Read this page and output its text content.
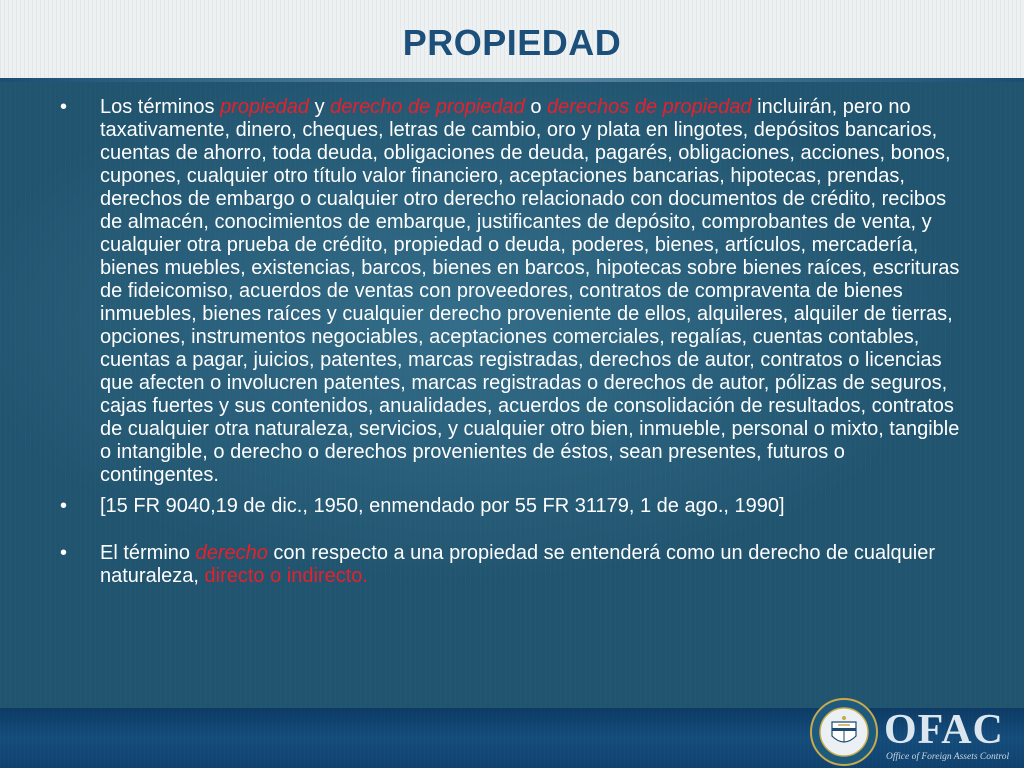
PROPIEDAD
•	Los términos propiedad y derecho de propiedad o derechos de propiedad incluirán, pero no taxativamente, dinero, cheques, letras de cambio, oro y plata en lingotes, depósitos bancarios, cuentas de ahorro, toda deuda, obligaciones de deuda, pagarés, obligaciones, acciones, bonos, cupones, cualquier otro título valor financiero, aceptaciones bancarias, hipotecas, prendas, derechos de embargo o cualquier otro derecho relacionado con documentos de crédito, recibos de almacén, conocimientos de embarque, justificantes de depósito, comprobantes de venta, y cualquier otra prueba de crédito, propiedad o deuda, poderes, bienes, artículos, mercadería, bienes muebles, existencias, barcos, bienes en barcos, hipotecas sobre bienes raíces, escrituras de fideicomiso, acuerdos de ventas con proveedores, contratos de compraventa de bienes inmuebles, bienes raíces y cualquier derecho proveniente de ellos, alquileres, alquiler de tierras, opciones, instrumentos negociables, aceptaciones comerciales, regalías, cuentas contables, cuentas a pagar, juicios, patentes, marcas registradas, derechos de autor, contratos o licencias que afecten o involucren patentes, marcas registradas o derechos de autor, pólizas de seguros, cajas fuertes y sus contenidos, anualidades, acuerdos de consolidación de resultados, contratos de cualquier otra naturaleza, servicios, y cualquier otro bien, inmueble, personal o mixto, tangible o intangible, o derecho o derechos provenientes de éstos, sean presentes, futuros o contingentes.
•	[15 FR 9040,19 de dic., 1950, enmendado por 55 FR 31179, 1 de ago., 1990]
•	El término derecho con respecto a una propiedad se entenderá como un derecho de cualquier naturaleza, directo o indirecto.
OFAC
Office of Foreign Assets Control
